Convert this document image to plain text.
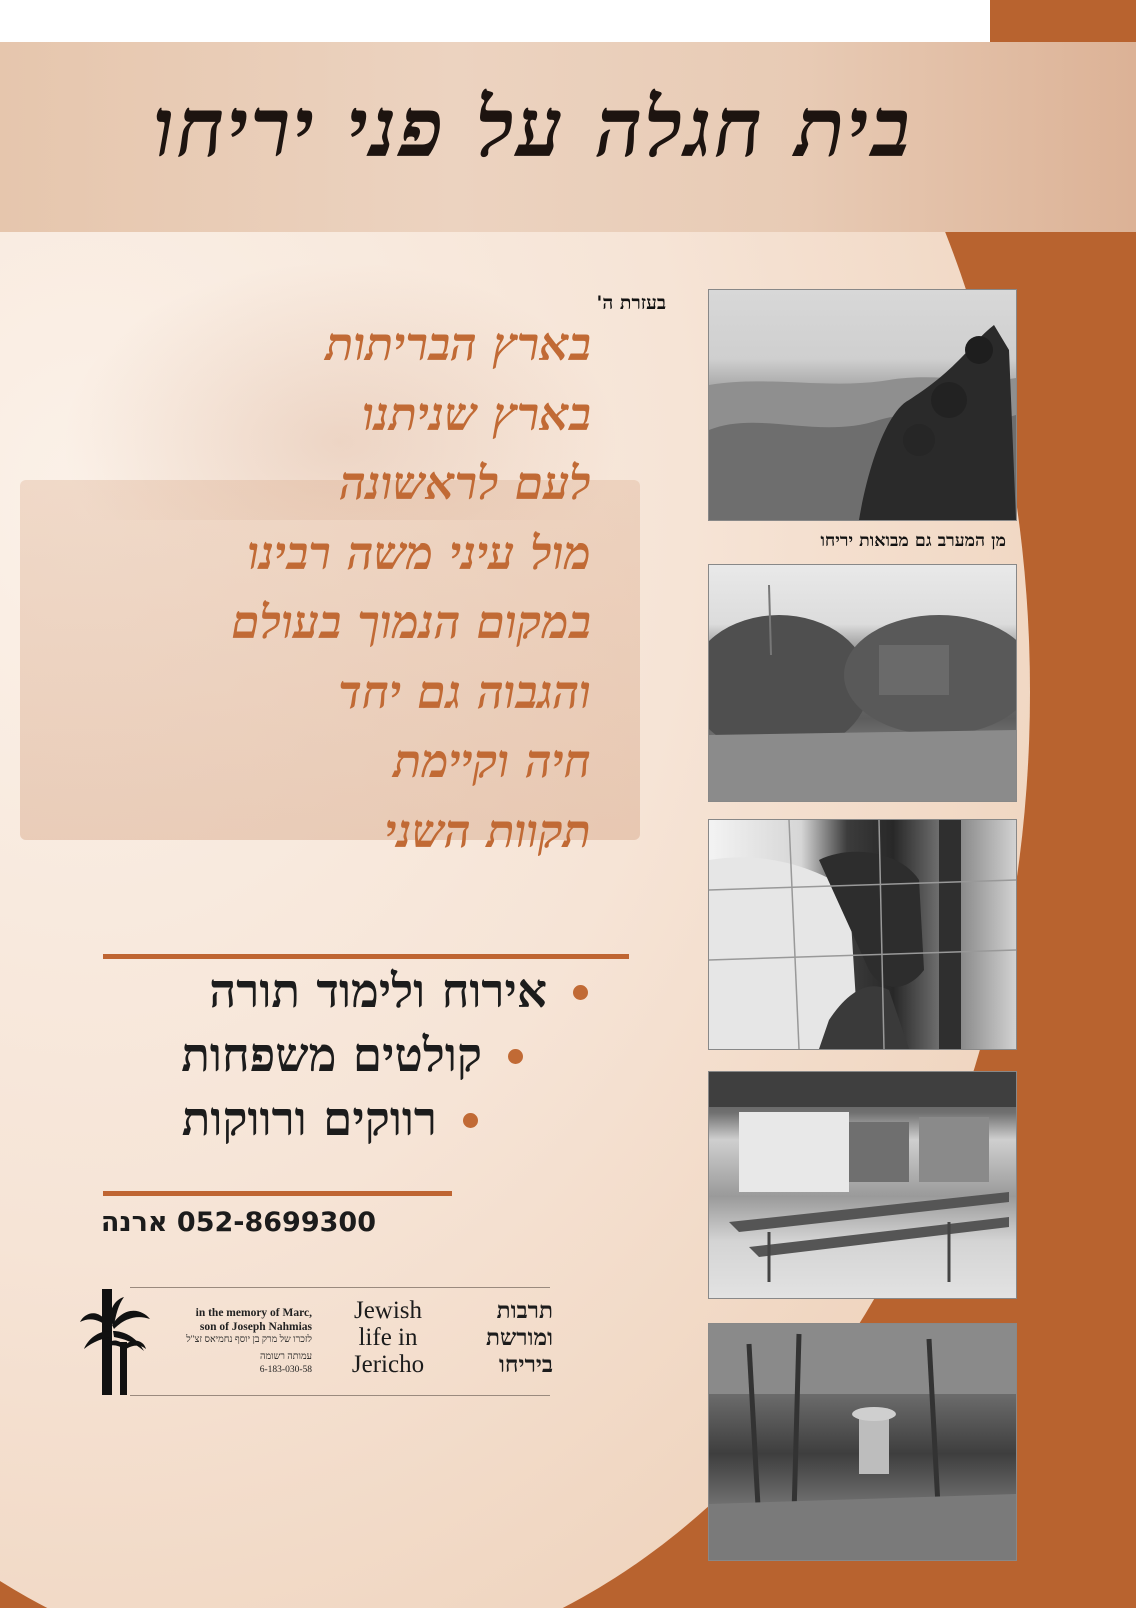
בית חגלה על פני יריחו
בעזרת ה'
בארץ הבריתות
בארץ שניתנו
לעם לראשונה
מול עיני משה רבינו
במקום הנמוך בעולם
והגבוה גם יחד
חיה וקיימת
תקוות השני
אירוח ולימוד תורה
קולטים משפחות
רווקים ורווקות
052-8699300 ארנה
in the memory of Marc,
son of Joseph Nahmias
לזכרו של מרק בן יוסף נחמיאס זצ"ל
עמותה רשומה
6-183-030-58
Jewish
life in
Jericho
תרבות
ומורשת
ביריחו
מן המערב גם מבואות יריחו
